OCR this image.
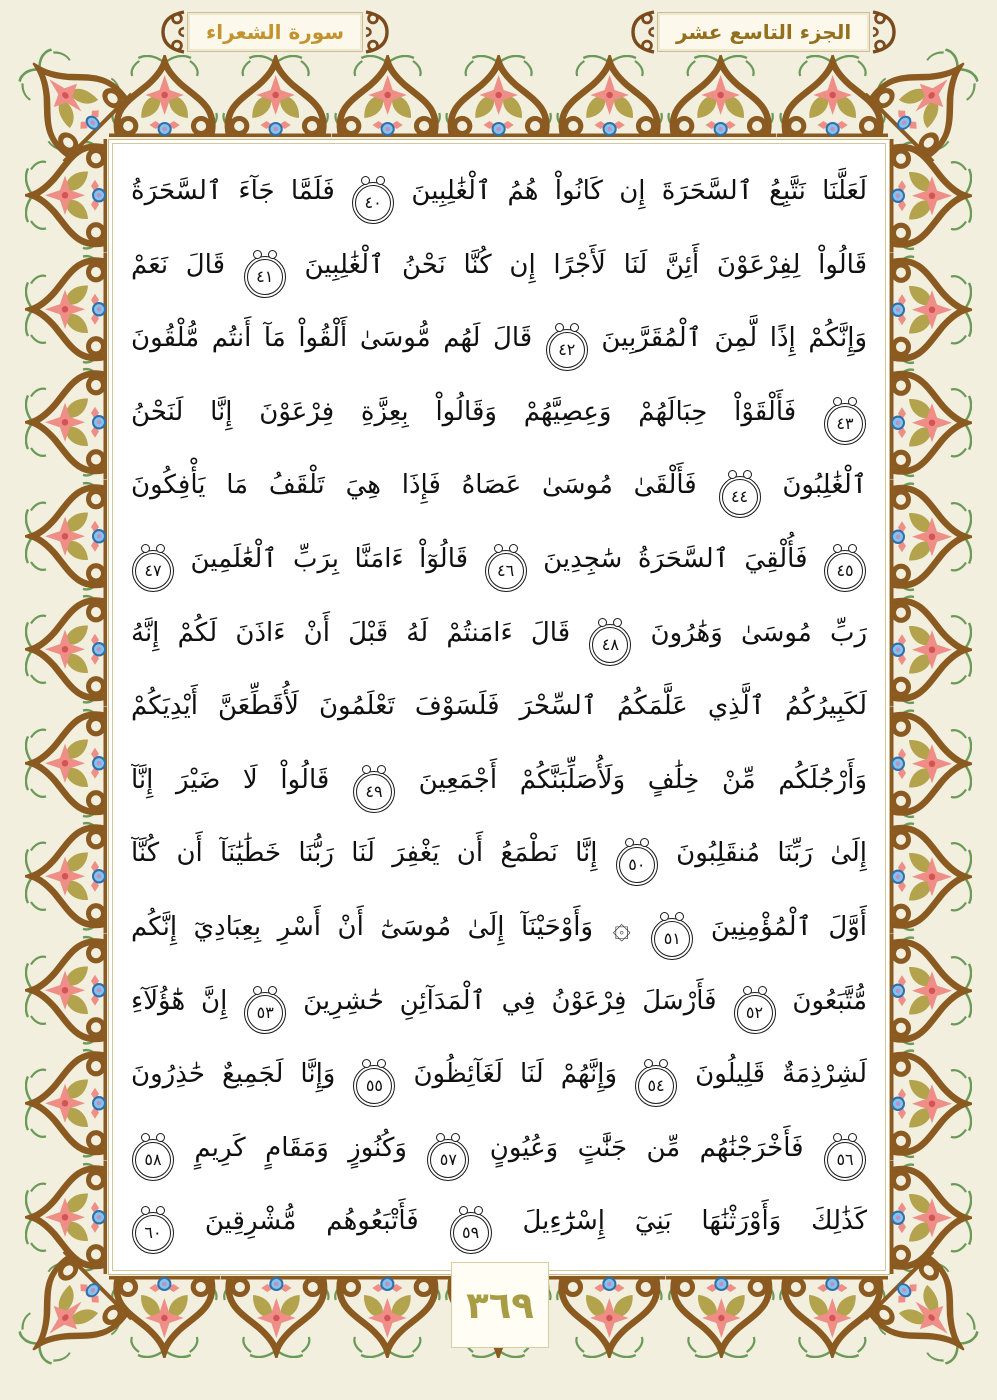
سورة الشعراء	الجزء التاسع عشر
لَعَلَّنَا نَتَّبِعُ ٱلسَّحَرَةَ إِن كَانُواْ هُمُ ٱلْغَٰلِبِينَ ٤٠ فَلَمَّا جَآءَ ٱلسَّحَرَةُ
قَالُواْ لِفِرْعَوْنَ أَئِنَّ لَنَا لَأَجْرًا إِن كُنَّا نَحْنُ ٱلْغَٰلِبِينَ ٤١ قَالَ نَعَمْ
وَإِنَّكُمْ إِذًا لَّمِنَ ٱلْمُقَرَّبِينَ ٤٢ قَالَ لَهُم مُّوسَىٰ أَلْقُواْ مَآ أَنتُم مُّلْقُونَ
٤٣ فَأَلْقَوْاْ حِبَالَهُمْ وَعِصِيَّهُمْ وَقَالُواْ بِعِزَّةِ فِرْعَوْنَ إِنَّا لَنَحْنُ
ٱلْغَٰلِبُونَ ٤٤ فَأَلْقَىٰ مُوسَىٰ عَصَاهُ فَإِذَا هِيَ تَلْقَفُ مَا يَأْفِكُونَ
٤٥ فَأُلْقِيَ ٱلسَّحَرَةُ سَٰجِدِينَ ٤٦ قَالُوٓاْ ءَامَنَّا بِرَبِّ ٱلْعَٰلَمِينَ ٤٧
رَبِّ مُوسَىٰ وَهَٰرُونَ ٤٨ قَالَ ءَامَنتُمْ لَهُ قَبْلَ أَنْ ءَاذَنَ لَكُمْ إِنَّهُ
لَكَبِيرُكُمُ ٱلَّذِي عَلَّمَكُمُ ٱلسِّحْرَ فَلَسَوْفَ تَعْلَمُونَ لَأُقَطِّعَنَّ أَيْدِيَكُمْ
وَأَرْجُلَكُم مِّنْ خِلَٰفٍ وَلَأُصَلِّبَنَّكُمْ أَجْمَعِينَ ٤٩ قَالُواْ لَا ضَيْرَ إِنَّآ
إِلَىٰ رَبِّنَا مُنقَلِبُونَ ٥٠ إِنَّا نَطْمَعُ أَن يَغْفِرَ لَنَا رَبُّنَا خَطَٰيَٰنَآ أَن كُنَّآ
أَوَّلَ ٱلْمُؤْمِنِينَ ٥١ ۞ وَأَوْحَيْنَآ إِلَىٰ مُوسَىٰٓ أَنْ أَسْرِ بِعِبَادِيٓ إِنَّكُم
مُّتَّبَعُونَ ٥٢ فَأَرْسَلَ فِرْعَوْنُ فِي ٱلْمَدَآئِنِ حَٰشِرِينَ ٥٣ إِنَّ هَٰٓؤُلَآءِ
لَشِرْذِمَةٌ قَلِيلُونَ ٥٤ وَإِنَّهُمْ لَنَا لَغَآئِظُونَ ٥٥ وَإِنَّا لَجَمِيعٌ حَٰذِرُونَ
٥٦ فَأَخْرَجْنَٰهُم مِّن جَنَّٰتٍ وَعُيُونٍ ٥٧ وَكُنُوزٍ وَمَقَامٍ كَرِيمٍ ٥٨
كَذَٰلِكَ وَأَوْرَثْنَٰهَا بَنِيٓ إِسْرَٰٓءِيلَ ٥٩ فَأَتْبَعُوهُم مُّشْرِقِينَ ٦٠
٣٦٩
